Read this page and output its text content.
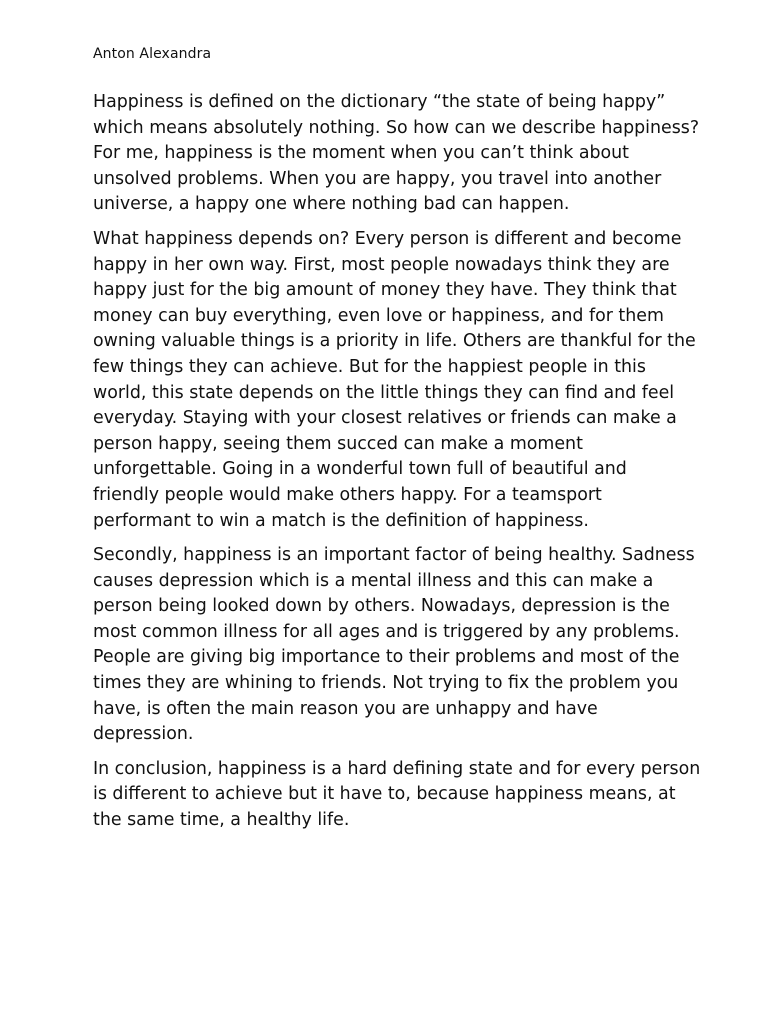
Anton Alexandra

Happiness is defined on the dictionary “the state of being happy”
which means absolutely nothing. So how can we describe happiness?
For me, happiness is the moment when you can’t think about
unsolved problems. When you are happy, you travel into another
universe, a happy one where nothing bad can happen.

What happiness depends on? Every person is different and become
happy in her own way. First, most people nowadays think they are
happy just for the big amount of money they have. They think that
money can buy everything, even love or happiness, and for them
owning valuable things is a priority in life. Others are thankful for the
few things they can achieve. But for the happiest people in this
world, this state depends on the little things they can find and feel
everyday. Staying with your closest relatives or friends can make a
person happy, seeing them succed can make a moment
unforgettable. Going in a wonderful town full of beautiful and
friendly people would make others happy. For a teamsport
performant to win a match is the definition of happiness.

Secondly, happiness is an important factor of being healthy. Sadness
causes depression which is a mental illness and this can make a
person being looked down by others. Nowadays, depression is the
most common illness for all ages and is triggered by any problems.
People are giving big importance to their problems and most of the
times they are whining to friends. Not trying to fix the problem you
have, is often the main reason you are unhappy and have
depression.

In conclusion, happiness is a hard defining state and for every person
is different to achieve but it have to, because happiness means, at
the same time, a healthy life.
